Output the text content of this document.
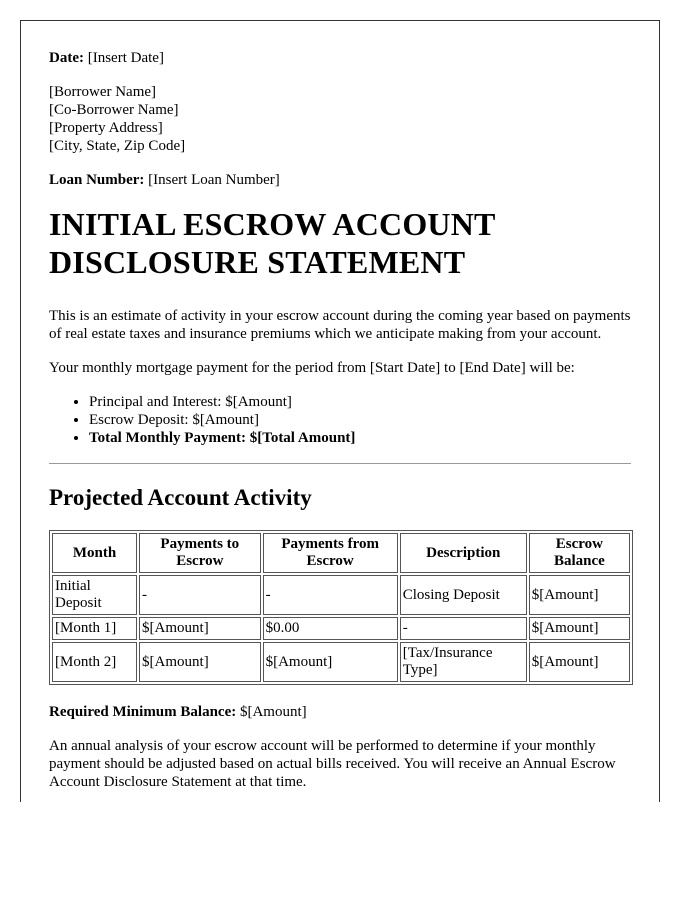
Date: [Insert Date]

[Borrower Name]
[Co-Borrower Name]
[Property Address]
[City, State, Zip Code]

Loan Number: [Insert Loan Number]

INITIAL ESCROW ACCOUNT DISCLOSURE STATEMENT

This is an estimate of activity in your escrow account during the coming year based on payments of real estate taxes and insurance premiums which we anticipate making from your account.

Your monthly mortgage payment for the period from [Start Date] to [End Date] will be:

• Principal and Interest: $[Amount]
• Escrow Deposit: $[Amount]
• Total Monthly Payment: $[Total Amount]
Projected Account Activity
Month	Payments to Escrow	Payments from Escrow	Description	Escrow Balance
Initial Deposit	-	-	Closing Deposit	$[Amount]
[Month 1]	$[Amount]	$0.00	-	$[Amount]
[Month 2]	$[Amount]	$[Amount]	[Tax/Insurance Type]	$[Amount]

Required Minimum Balance: $[Amount]

An annual analysis of your escrow account will be performed to determine if your monthly payment should be adjusted based on actual bills received. You will receive an Annual Escrow Account Disclosure Statement at that time.
